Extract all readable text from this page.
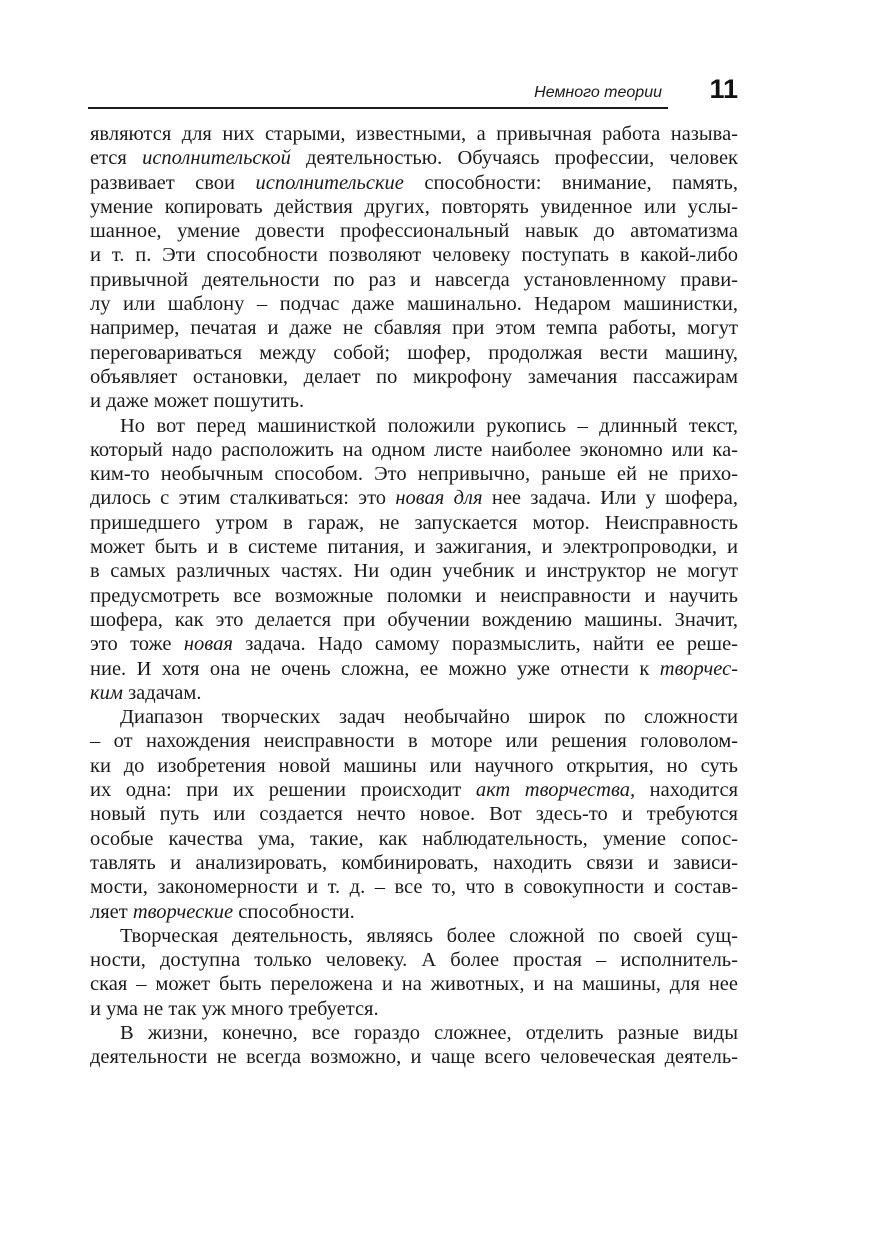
Немного теории 11
являются для них старыми, известными, а привычная работа называ-
ется исполнительской деятельностью. Обучаясь профессии, человек
развивает свои исполнительские способности: внимание, память,
умение копировать действия других, повторять увиденное или услы-
шанное, умение довести профессиональный навык до автоматизма
и т. п. Эти способности позволяют человеку поступать в какой-либо
привычной деятельности по раз и навсегда установленному прави-
лу или шаблону – подчас даже машинально. Недаром машинистки,
например, печатая и даже не сбавляя при этом темпа работы, могут
переговариваться между собой; шофер, продолжая вести машину,
объявляет остановки, делает по микрофону замечания пассажирам
и даже может пошутить.
Но вот перед машинисткой положили рукопись – длинный текст,
который надо расположить на одном листе наиболее экономно или ка-
ким-то необычным способом. Это непривычно, раньше ей не прихо-
дилось с этим сталкиваться: это новая для нее задача. Или у шофера,
пришедшего утром в гараж, не запускается мотор. Неисправность
может быть и в системе питания, и зажигания, и электропроводки, и
в самых различных частях. Ни один учебник и инструктор не могут
предусмотреть все возможные поломки и неисправности и научить
шофера, как это делается при обучении вождению машины. Значит,
это тоже новая задача. Надо самому поразмыслить, найти ее реше-
ние. И хотя она не очень сложна, ее можно уже отнести к творчес-
ким задачам.
Диапазон творческих задач необычайно широк по сложности
– от нахождения неисправности в моторе или решения головолом-
ки до изобретения новой машины или научного открытия, но суть
их одна: при их решении происходит акт творчества, находится
новый путь или создается нечто новое. Вот здесь-то и требуются
особые качества ума, такие, как наблюдательность, умение сопос-
тавлять и анализировать, комбинировать, находить связи и зависи-
мости, закономерности и т. д. – все то, что в совокупности и состав-
ляет творческие способности.
Творческая деятельность, являясь более сложной по своей сущ-
ности, доступна только человеку. А более простая – исполнитель-
ская – может быть переложена и на животных, и на машины, для нее
и ума не так уж много требуется.
В жизни, конечно, все гораздо сложнее, отделить разные виды
деятельности не всегда возможно, и чаще всего человеческая деятель-
